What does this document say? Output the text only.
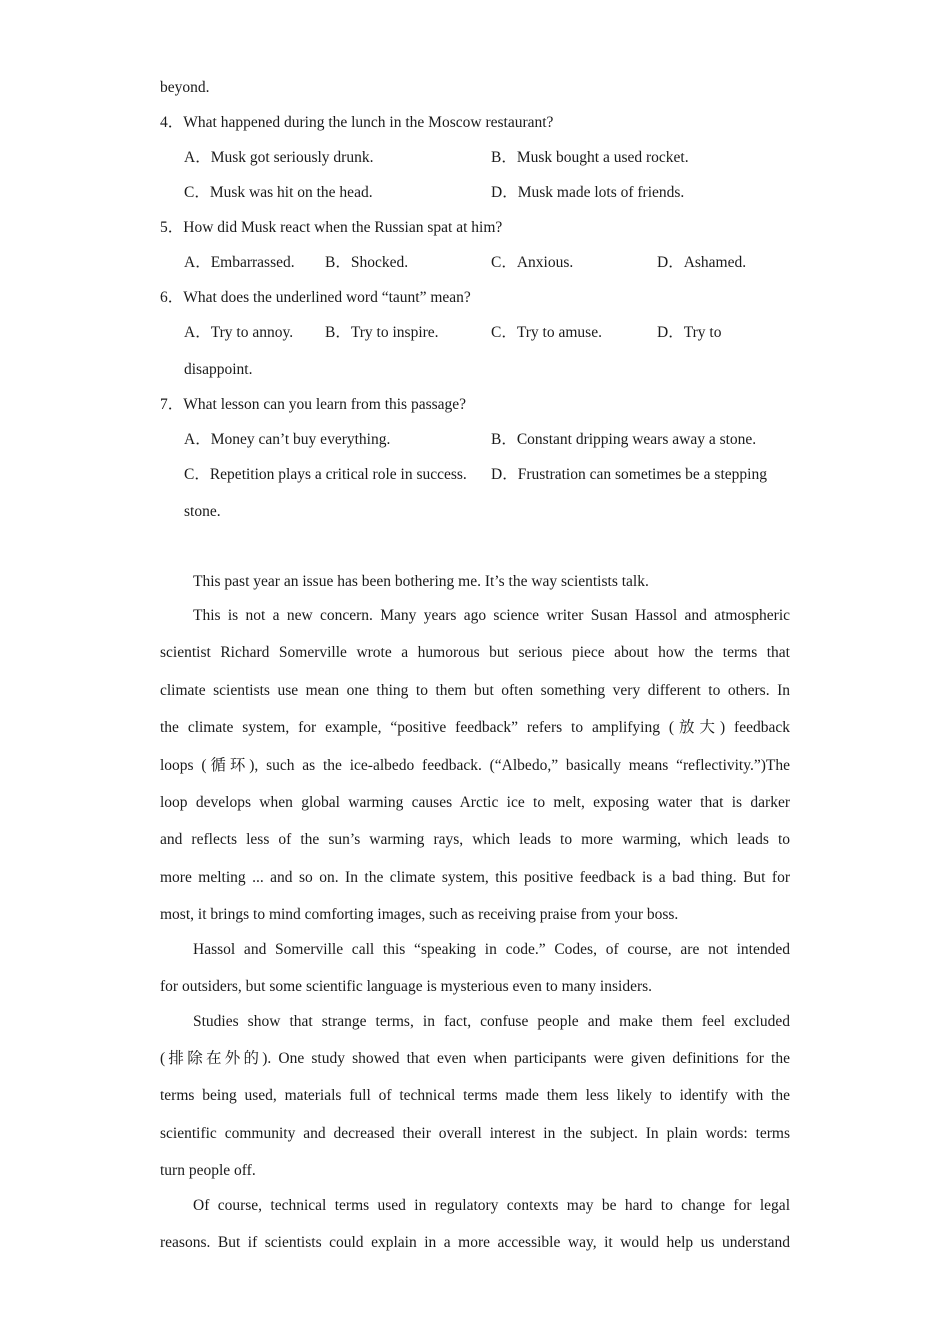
beyond.
4．What happened during the lunch in the Moscow restaurant?
A．Musk got seriously drunk.	B．Musk bought a used rocket.
C．Musk was hit on the head.	D．Musk made lots of friends.
5．How did Musk react when the Russian spat at him?
A．Embarrassed. B．Shocked.	C．Anxious.	D．Ashamed.
6．What does the underlined word “taunt” mean?
A．Try to annoy. B．Try to inspire.	C．Try to amuse.	D．Try to
disappoint.
7．What lesson can you learn from this passage?
A．Money can’t buy everything.	B．Constant dripping wears away a stone.
C．Repetition plays a critical role in success. D．Frustration can sometimes be a stepping
stone.
This past year an issue has been bothering me. It’s the way scientists talk.
This is not a new concern. Many years ago science writer Susan Hassol and atmospheric
scientist Richard Somerville wrote a humorous but serious piece about how the terms that
climate scientists use mean one thing to them but often something very different to others. In
the climate system, for example, “positive feedback” refers to amplifying (放大) feedback
loops (循环), such as the ice-albedo feedback. (“Albedo,” basically means “reflectivity.”)The
loop develops when global warming causes Arctic ice to melt, exposing water that is darker
and reflects less of the sun’s warming rays, which leads to more warming, which leads to
more melting ... and so on. In the climate system, this positive feedback is a bad thing. But for
most, it brings to mind comforting images, such as receiving praise from your boss.
Hassol and Somerville call this “speaking in code.” Codes, of course, are not intended
for outsiders, but some scientific language is mysterious even to many insiders.
Studies show that strange terms, in fact, confuse people and make them feel excluded
(排除在外的). One study showed that even when participants were given definitions for the
terms being used, materials full of technical terms made them less likely to identify with the
scientific community and decreased their overall interest in the subject. In plain words: terms
turn people off.
Of course, technical terms used in regulatory contexts may be hard to change for legal
reasons. But if scientists could explain in a more accessible way, it would help us understand
